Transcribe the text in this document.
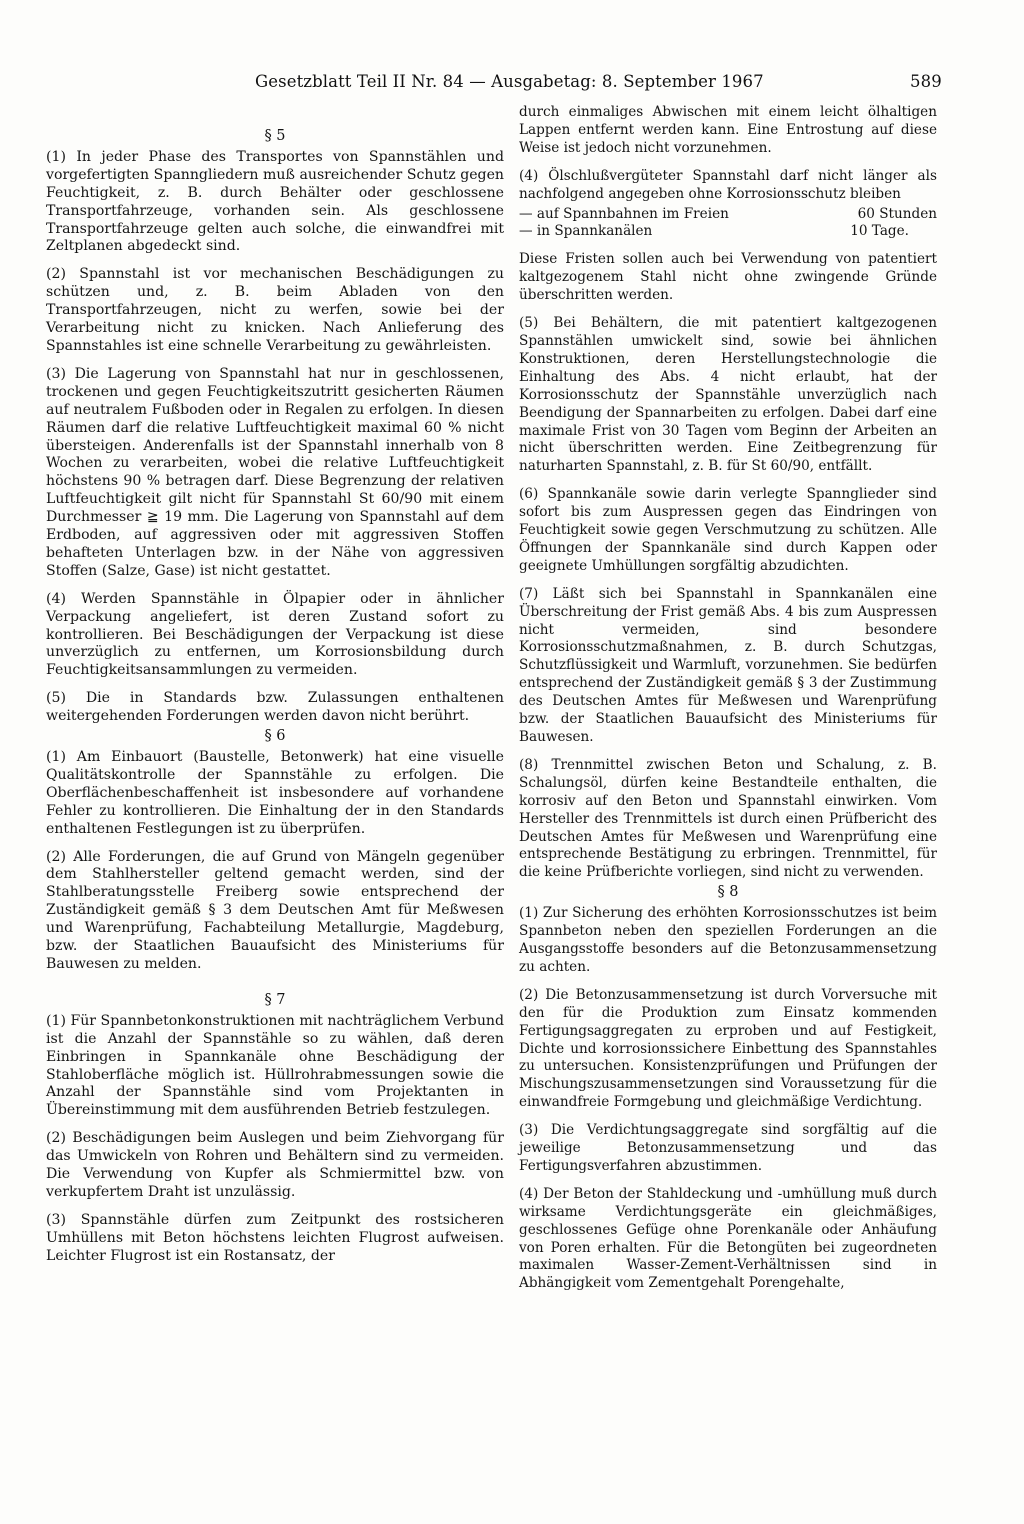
Gesetzblatt Teil II Nr. 84 — Ausgabetag: 8. September 1967	589
§ 5

(1) In jeder Phase des Transportes von Spannstählen und vorgefertigten Spanngliedern muß ausreichender Schutz gegen Feuchtigkeit, z. B. durch Behälter oder geschlossene Transportfahrzeuge, vorhanden sein. Als geschlossene Transportfahrzeuge gelten auch solche, die einwandfrei mit Zeltplanen abgedeckt sind.

(2) Spannstahl ist vor mechanischen Beschädigungen zu schützen und, z. B. beim Abladen von den Transportfahrzeugen, nicht zu werfen, sowie bei der Verarbeitung nicht zu knicken. Nach Anlieferung des Spannstahles ist eine schnelle Verarbeitung zu gewährleisten.

(3) Die Lagerung von Spannstahl hat nur in geschlossenen, trockenen und gegen Feuchtigkeitszutritt gesicherten Räumen auf neutralem Fußboden oder in Regalen zu erfolgen. In diesen Räumen darf die relative Luftfeuchtigkeit maximal 60 % nicht übersteigen. Anderenfalls ist der Spannstahl innerhalb von 8 Wochen zu verarbeiten, wobei die relative Luftfeuchtigkeit höchstens 90 % betragen darf. Diese Begrenzung der relativen Luftfeuchtigkeit gilt nicht für Spannstahl St 60/90 mit einem Durchmesser ≧ 19 mm. Die Lagerung von Spannstahl auf dem Erdboden, auf aggressiven oder mit aggressiven Stoffen behafteten Unterlagen bzw. in der Nähe von aggressiven Stoffen (Salze, Gase) ist nicht gestattet.

(4) Werden Spannstähle in Ölpapier oder in ähnlicher Verpackung angeliefert, ist deren Zustand sofort zu kontrollieren. Bei Beschädigungen der Verpackung ist diese unverzüglich zu entfernen, um Korrosionsbildung durch Feuchtigkeitsansammlungen zu vermeiden.

(5) Die in Standards bzw. Zulassungen enthaltenen weitergehenden Forderungen werden davon nicht berührt.

§ 6

(1) Am Einbauort (Baustelle, Betonwerk) hat eine visuelle Qualitätskontrolle der Spannstähle zu erfolgen. Die Oberflächenbeschaffenheit ist insbesondere auf vorhandene Fehler zu kontrollieren. Die Einhaltung der in den Standards enthaltenen Festlegungen ist zu überprüfen.

(2) Alle Forderungen, die auf Grund von Mängeln gegenüber dem Stahlhersteller geltend gemacht werden, sind der Stahlberatungsstelle Freiberg sowie entsprechend der Zuständigkeit gemäß § 3 dem Deutschen Amt für Meßwesen und Warenprüfung, Fachabteilung Metallurgie, Magdeburg, bzw. der Staatlichen Bauaufsicht des Ministeriums für Bauwesen zu melden.

§ 7

(1) Für Spannbetonkonstruktionen mit nachträglichem Verbund ist die Anzahl der Spannstähle so zu wählen, daß deren Einbringen in Spannkanäle ohne Beschädigung der Stahloberfläche möglich ist. Hüllrohrabmessungen sowie die Anzahl der Spannstähle sind vom Projektanten in Übereinstimmung mit dem ausführenden Betrieb festzulegen.

(2) Beschädigungen beim Auslegen und beim Ziehvorgang für das Umwickeln von Rohren und Behältern sind zu vermeiden. Die Verwendung von Kupfer als Schmiermittel bzw. von verkupfertem Draht ist unzulässig.

(3) Spannstähle dürfen zum Zeitpunkt des rostsicheren Umhüllens mit Beton höchstens leichten Flugrost aufweisen. Leichter Flugrost ist ein Rostansatz, der

durch einmaliges Abwischen mit einem leicht ölhaltigen Lappen entfernt werden kann. Eine Entrostung auf diese Weise ist jedoch nicht vorzunehmen.

(4) Ölschlußvergüteter Spannstahl darf nicht länger als nachfolgend angegeben ohne Korrosionsschutz bleiben

— auf Spannbahnen im Freien	60 Stunden
— in Spannkanälen	10 Tage.

Diese Fristen sollen auch bei Verwendung von patentiert kaltgezogenem Stahl nicht ohne zwingende Gründe überschritten werden.

(5) Bei Behältern, die mit patentiert kaltgezogenen Spannstählen umwickelt sind, sowie bei ähnlichen Konstruktionen, deren Herstellungstechnologie die Einhaltung des Abs. 4 nicht erlaubt, hat der Korrosionsschutz der Spannstähle unverzüglich nach Beendigung der Spannarbeiten zu erfolgen. Dabei darf eine maximale Frist von 30 Tagen vom Beginn der Arbeiten an nicht überschritten werden. Eine Zeitbegrenzung für naturharten Spannstahl, z. B. für St 60/90, entfällt.

(6) Spannkanäle sowie darin verlegte Spannglieder sind sofort bis zum Auspressen gegen das Eindringen von Feuchtigkeit sowie gegen Verschmutzung zu schützen. Alle Öffnungen der Spannkanäle sind durch Kappen oder geeignete Umhüllungen sorgfältig abzudichten.

(7) Läßt sich bei Spannstahl in Spannkanälen eine Überschreitung der Frist gemäß Abs. 4 bis zum Auspressen nicht vermeiden, sind besondere Korrosionsschutzmaßnahmen, z. B. durch Schutzgas, Schutzflüssigkeit und Warmluft, vorzunehmen. Sie bedürfen entsprechend der Zuständigkeit gemäß § 3 der Zustimmung des Deutschen Amtes für Meßwesen und Warenprüfung bzw. der Staatlichen Bauaufsicht des Ministeriums für Bauwesen.

(8) Trennmittel zwischen Beton und Schalung, z. B. Schalungsöl, dürfen keine Bestandteile enthalten, die korrosiv auf den Beton und Spannstahl einwirken. Vom Hersteller des Trennmittels ist durch einen Prüfbericht des Deutschen Amtes für Meßwesen und Warenprüfung eine entsprechende Bestätigung zu erbringen. Trennmittel, für die keine Prüfberichte vorliegen, sind nicht zu verwenden.

§ 8

(1) Zur Sicherung des erhöhten Korrosionsschutzes ist beim Spannbeton neben den speziellen Forderungen an die Ausgangsstoffe besonders auf die Betonzusammensetzung zu achten.

(2) Die Betonzusammensetzung ist durch Vorversuche mit den für die Produktion zum Einsatz kommenden Fertigungsaggregaten zu erproben und auf Festigkeit, Dichte und korrosionssichere Einbettung des Spannstahles zu untersuchen. Konsistenzprüfungen und Prüfungen der Mischungszusammensetzungen sind Voraussetzung für die einwandfreie Formgebung und gleichmäßige Verdichtung.

(3) Die Verdichtungsaggregate sind sorgfältig auf die jeweilige Betonzusammensetzung und das Fertigungsverfahren abzustimmen.

(4) Der Beton der Stahldeckung und -umhüllung muß durch wirksame Verdichtungsgeräte ein gleichmäßiges, geschlossenes Gefüge ohne Porenkanäle oder Anhäufung von Poren erhalten. Für die Betongüten bei zugeordneten maximalen Wasser-Zement-Verhältnissen sind in Abhängigkeit vom Zementgehalt Porengehalte,
